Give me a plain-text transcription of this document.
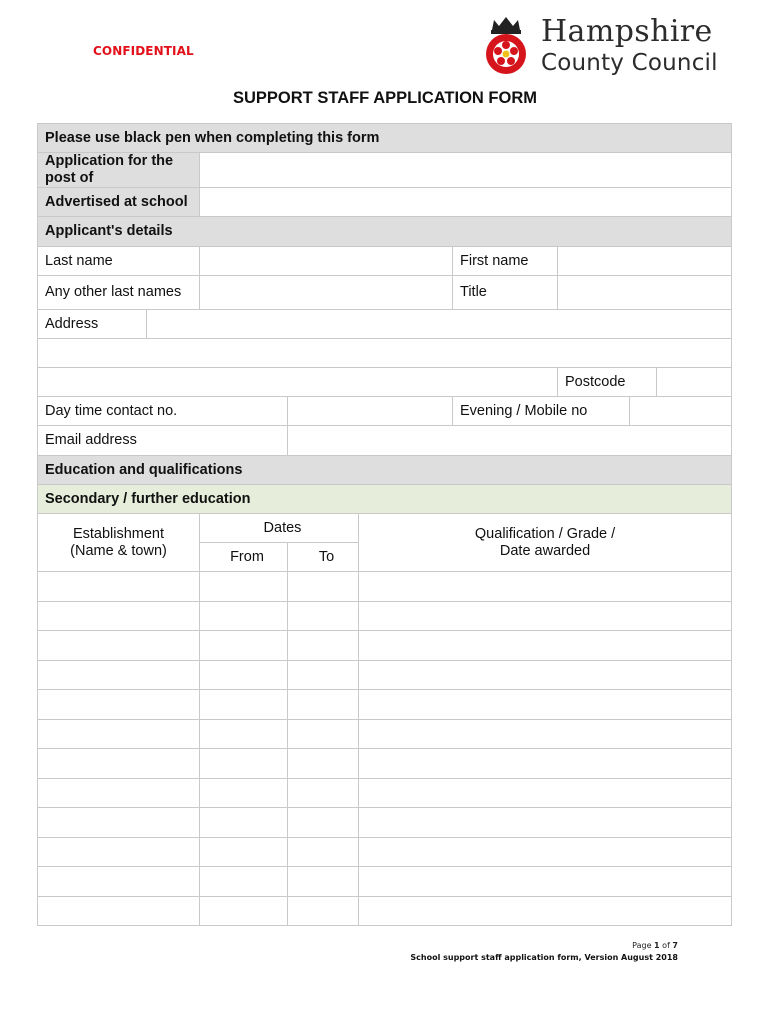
CONFIDENTIAL
Hampshire
County Council
SUPPORT STAFF APPLICATION FORM
Please use black pen when completing this form								
Application for the post of								
Advertised at school								
Applicant's details								
Last name					First name			
Any other last names					Title			
Address								

						Postcode		
Day time contact no.					Evening / Mobile no			
Email address								
Education and qualifications								
Secondary / further education								
Establishment (Name & town)		Dates		Qualification / Grade / Date awarded				
		From	To					

Page 1 of 7
School support staff application form, Version August 2018
